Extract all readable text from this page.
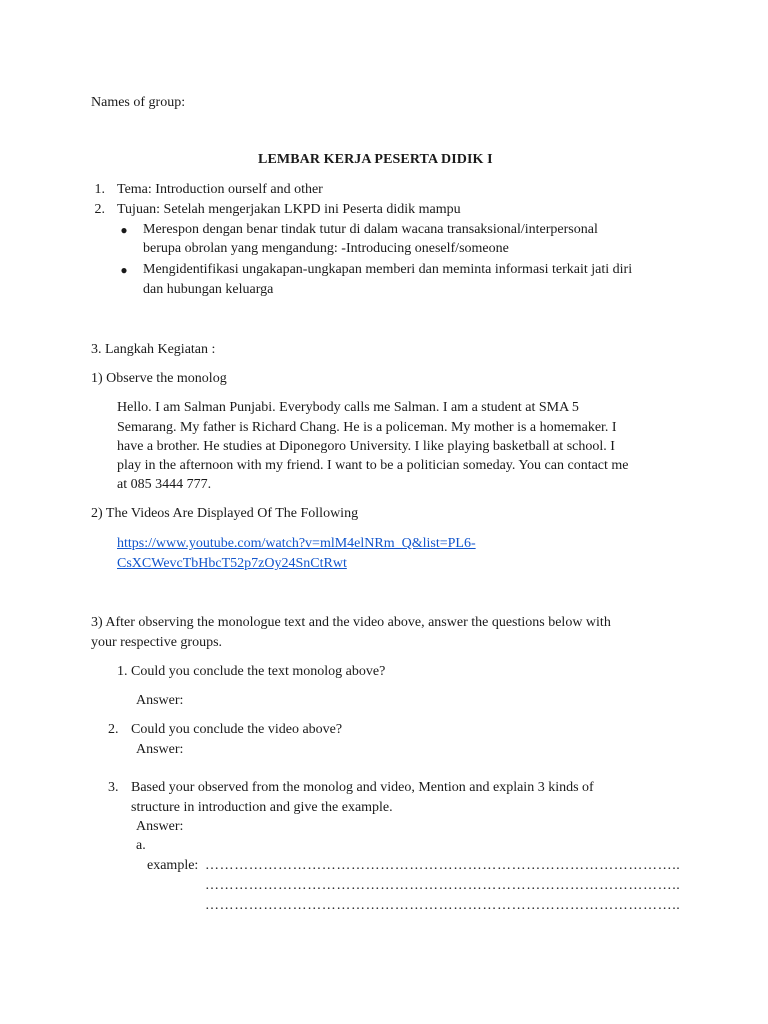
Names of group:
LEMBAR KERJA PESERTA DIDIK I
1. Tema: Introduction ourself and other
2. Tujuan: Setelah mengerjakan LKPD ini Peserta didik mampu
● Merespon dengan benar tindak tutur di dalam wacana transaksional/interpersonal
berupa obrolan yang mengandung: -Introducing oneself/someone
● Mengidentifikasi ungakapan-ungkapan memberi dan meminta informasi terkait jati diri
dan hubungan keluarga
3. Langkah Kegiatan :
1) Observe the monolog
Hello. I am Salman Punjabi. Everybody calls me Salman. I am a student at SMA 5
Semarang. My father is Richard Chang. He is a policeman. My mother is a homemaker. I
have a brother. He studies at Diponegoro University. I like playing basketball at school. I
play in the afternoon with my friend. I want to be a politician someday. You can contact me
at 085 3444 777.
2) The Videos Are Displayed Of The Following
https://www.youtube.com/watch?v=mlM4elNRm_Q&list=PL6-
CsXCWevcTbHbcT52p7zOy24SnCtRwt
3) After observing the monologue text and the video above, answer the questions below with
your respective groups.
1. Could you conclude the text monolog above?
Answer:
2. Could you conclude the video above?
Answer:
3. Based your observed from the monolog and video, Mention and explain 3 kinds of
structure in introduction and give the example.
Answer:
a.
example: ……………………………………………………………………………………..
……………………………………………………………………………………..
……………………………………………………………………………………..
